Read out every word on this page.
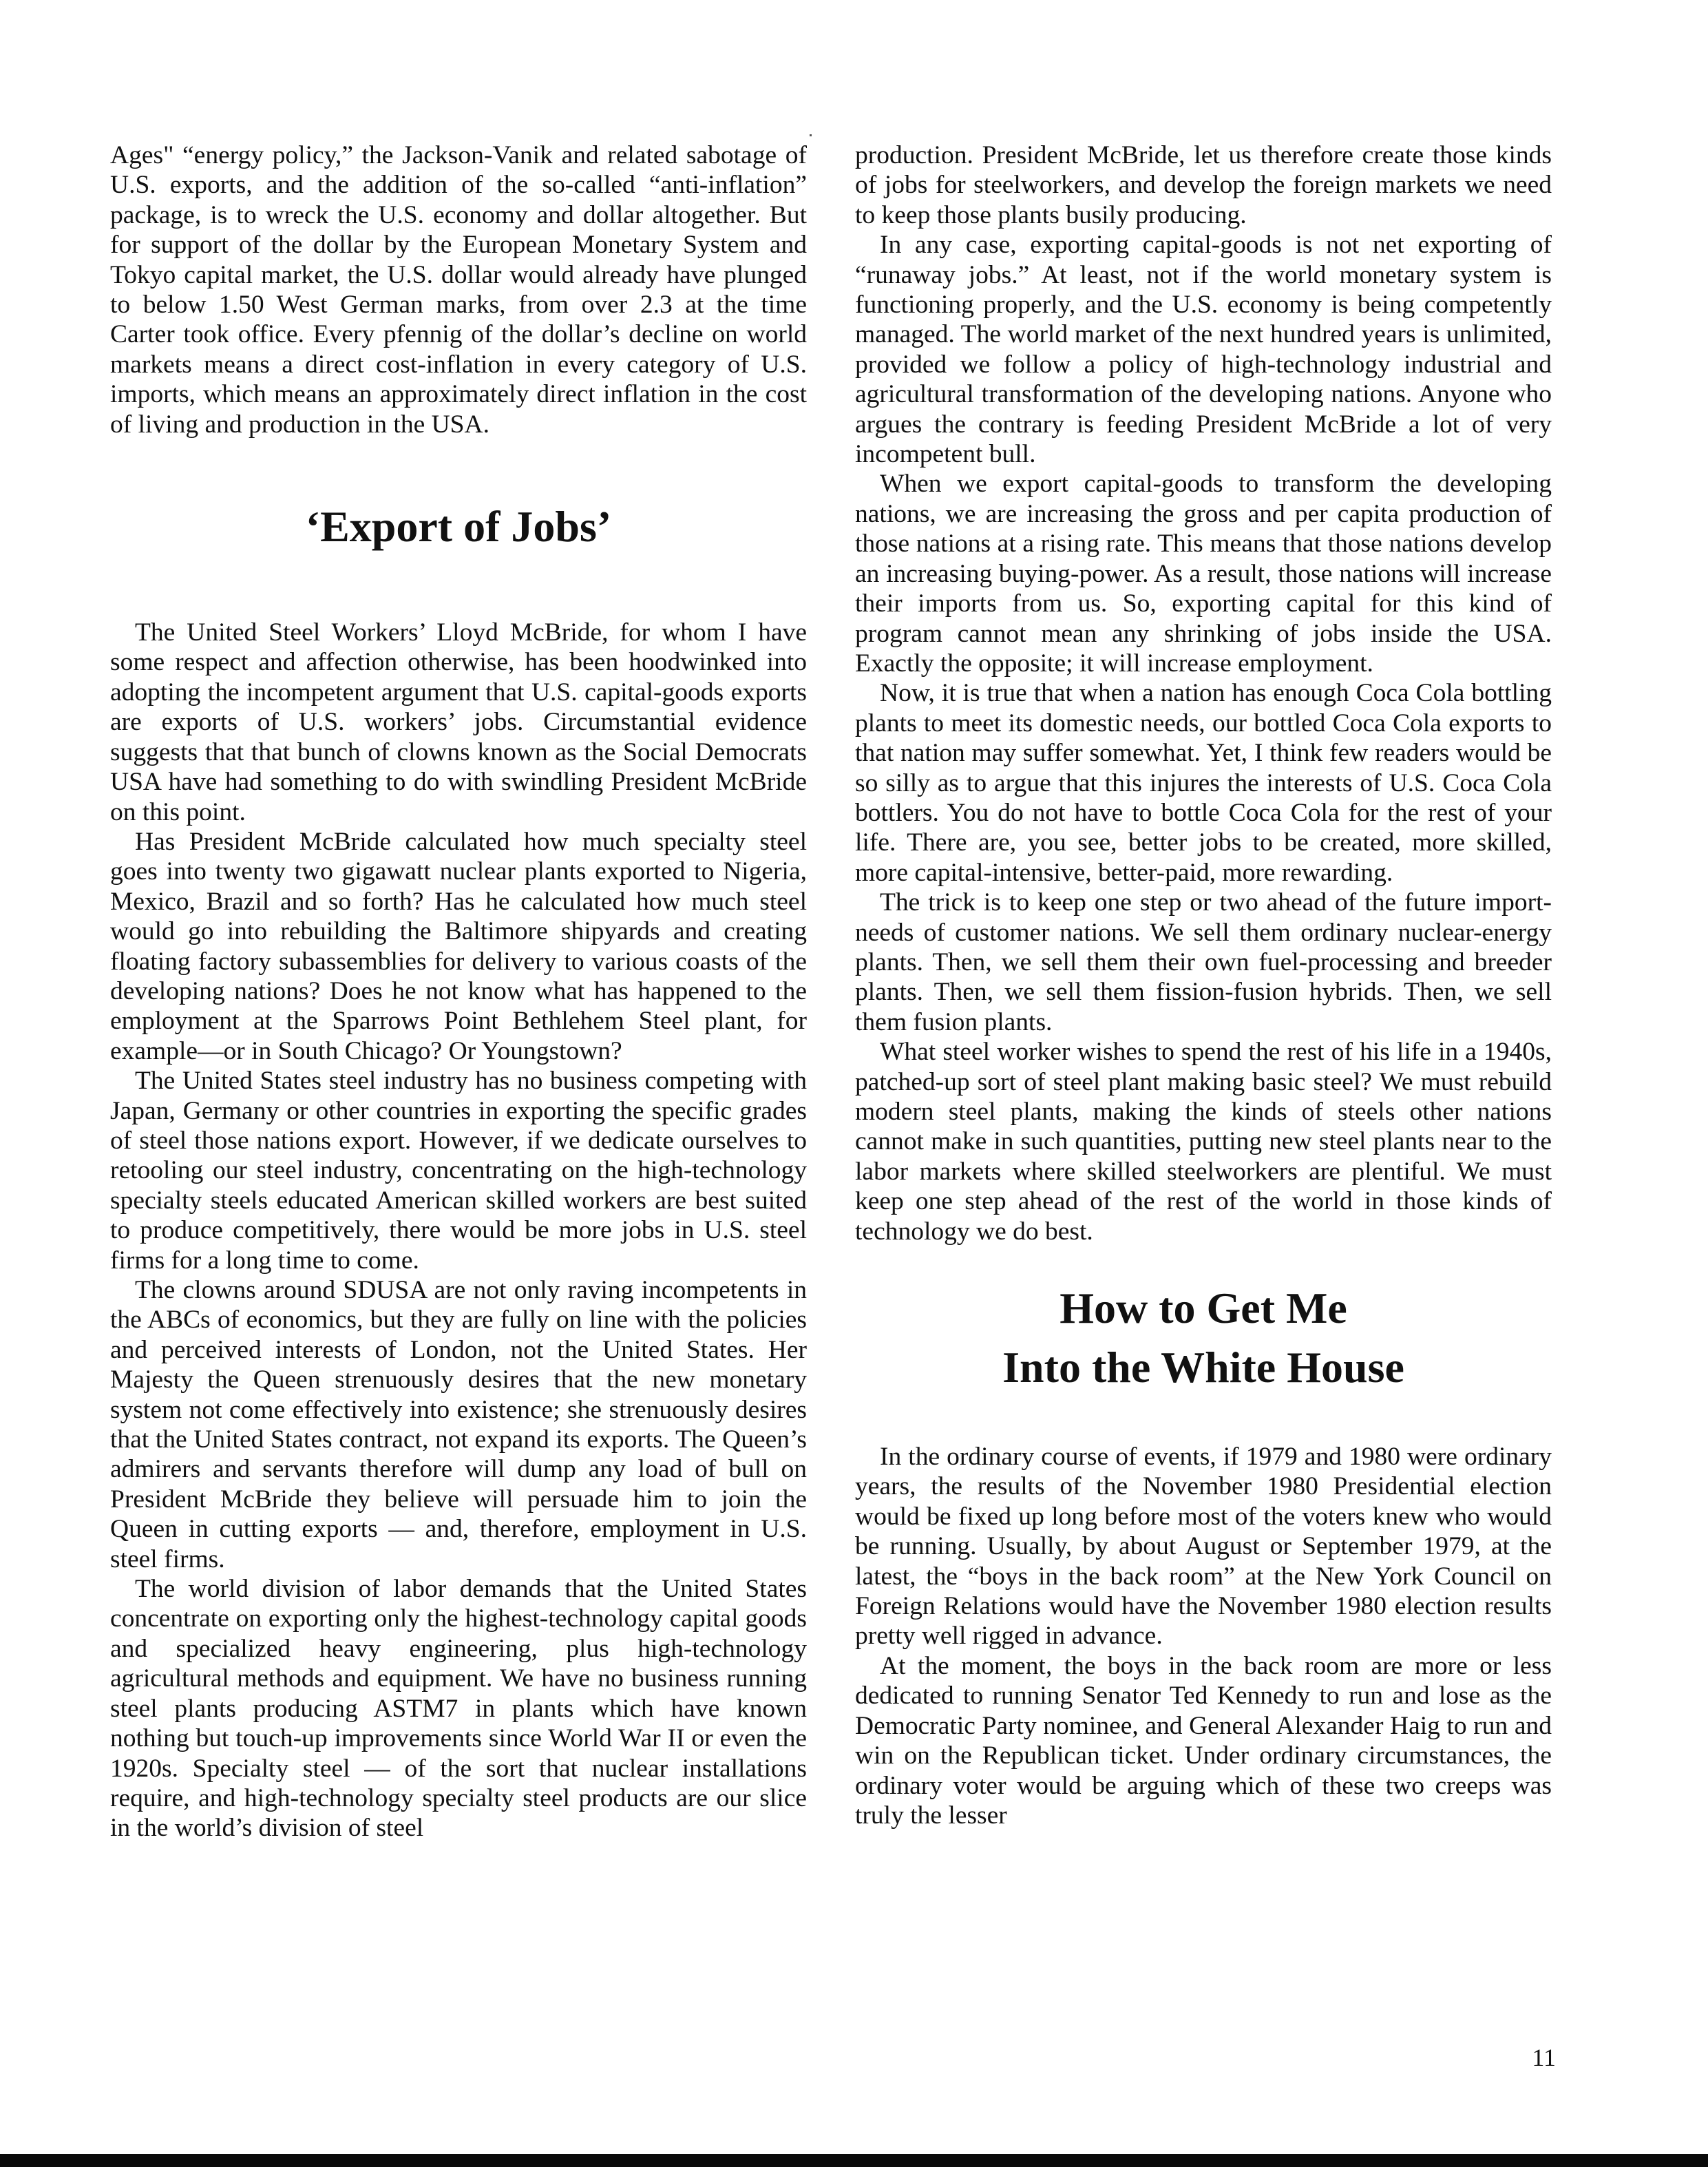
Ages" “energy policy,” the Jackson-Vanik and related sabotage of U.S. exports, and the addition of the so-called “anti-inflation” package, is to wreck the U.S. economy and dollar altogether. But for support of the dollar by the European Monetary System and Tokyo capital market, the U.S. dollar would already have plunged to below 1.50 West German marks, from over 2.3 at the time Carter took office. Every pfennig of the dollar’s decline on world markets means a direct cost-inflation in every category of U.S. imports, which means an approximately direct inflation in the cost of living and production in the USA.

‘Export of Jobs’

The United Steel Workers’ Lloyd McBride, for whom I have some respect and affection otherwise, has been hoodwinked into adopting the incompetent argument that U.S. capital-goods exports are exports of U.S. workers’ jobs. Circumstantial evidence suggests that that bunch of clowns known as the Social Democrats USA have had something to do with swindling President McBride on this point.

Has President McBride calculated how much specialty steel goes into twenty two gigawatt nuclear plants exported to Nigeria, Mexico, Brazil and so forth? Has he calculated how much steel would go into rebuilding the Baltimore shipyards and creating floating factory subassemblies for delivery to various coasts of the developing nations? Does he not know what has happened to the employment at the Sparrows Point Bethlehem Steel plant, for example—or in South Chicago? Or Youngstown?

The United States steel industry has no business competing with Japan, Germany or other countries in exporting the specific grades of steel those nations export. However, if we dedicate ourselves to retooling our steel industry, concentrating on the high-technology specialty steels educated American skilled workers are best suited to produce competitively, there would be more jobs in U.S. steel firms for a long time to come.

The clowns around SDUSA are not only raving incompetents in the ABCs of economics, but they are fully on line with the policies and perceived interests of London, not the United States. Her Majesty the Queen strenuously desires that the new monetary system not come effectively into existence; she strenuously desires that the United States contract, not expand its exports. The Queen’s admirers and servants therefore will dump any load of bull on President McBride they believe will persuade him to join the Queen in cutting exports — and, therefore, employment in U.S. steel firms.

The world division of labor demands that the United States concentrate on exporting only the highest-technology capital goods and specialized heavy engineering, plus high-technology agricultural methods and equipment. We have no business running steel plants producing ASTM7 in plants which have known nothing but touch-up improvements since World War II or even the 1920s. Specialty steel — of the sort that nuclear installations require, and high-technology specialty steel products are our slice in the world’s division of steel

production. President McBride, let us therefore create those kinds of jobs for steelworkers, and develop the foreign markets we need to keep those plants busily producing.

In any case, exporting capital-goods is not net exporting of “runaway jobs.” At least, not if the world monetary system is functioning properly, and the U.S. economy is being competently managed. The world market of the next hundred years is unlimited, provided we follow a policy of high-technology industrial and agricultural transformation of the developing nations. Anyone who argues the contrary is feeding President McBride a lot of very incompetent bull.

When we export capital-goods to transform the developing nations, we are increasing the gross and per capita production of those nations at a rising rate. This means that those nations develop an increasing buying-power. As a result, those nations will increase their imports from us. So, exporting capital for this kind of program cannot mean any shrinking of jobs inside the USA. Exactly the opposite; it will increase employment.

Now, it is true that when a nation has enough Coca Cola bottling plants to meet its domestic needs, our bottled Coca Cola exports to that nation may suffer somewhat. Yet, I think few readers would be so silly as to argue that this injures the interests of U.S. Coca Cola bottlers. You do not have to bottle Coca Cola for the rest of your life. There are, you see, better jobs to be created, more skilled, more capital-intensive, better-paid, more rewarding.

The trick is to keep one step or two ahead of the future import-needs of customer nations. We sell them ordinary nuclear-energy plants. Then, we sell them their own fuel-processing and breeder plants. Then, we sell them fission-fusion hybrids. Then, we sell them fusion plants.

What steel worker wishes to spend the rest of his life in a 1940s, patched-up sort of steel plant making basic steel? We must rebuild modern steel plants, making the kinds of steels other nations cannot make in such quantities, putting new steel plants near to the labor markets where skilled steelworkers are plentiful. We must keep one step ahead of the rest of the world in those kinds of technology we do best.

How to Get Me
Into the White House

In the ordinary course of events, if 1979 and 1980 were ordinary years, the results of the November 1980 Presidential election would be fixed up long before most of the voters knew who would be running. Usually, by about August or September 1979, at the latest, the “boys in the back room” at the New York Council on Foreign Relations would have the November 1980 election results pretty well rigged in advance.

At the moment, the boys in the back room are more or less dedicated to running Senator Ted Kennedy to run and lose as the Democratic Party nominee, and General Alexander Haig to run and win on the Republican ticket. Under ordinary circumstances, the ordinary voter would be arguing which of these two creeps was truly the lesser

11
